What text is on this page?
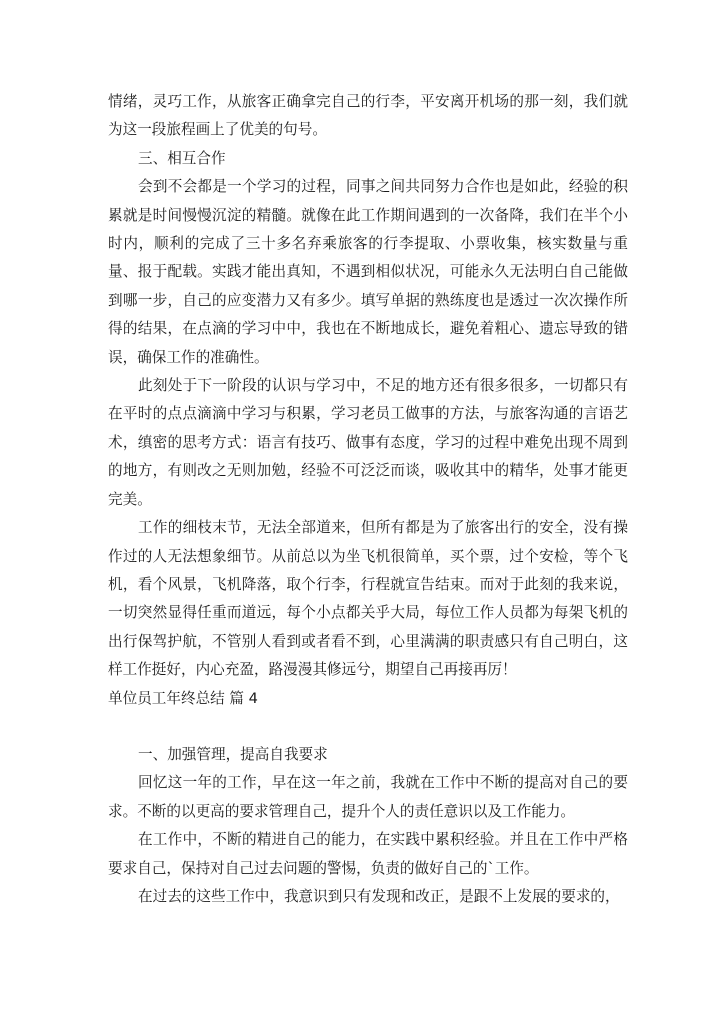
情绪，灵巧工作，从旅客正确拿完自己的行李，平安离开机场的那一刻，我们就为这一段旅程画上了优美的句号。

三、相互合作

会到不会都是一个学习的过程，同事之间共同努力合作也是如此，经验的积累就是时间慢慢沉淀的精髓。就像在此工作期间遇到的一次备降，我们在半个小时内，顺利的完成了三十多名弃乘旅客的行李提取、小票收集，核实数量与重量、报于配载。实践才能出真知，不遇到相似状况，可能永久无法明白自己能做到哪一步，自己的应变潜力又有多少。填写单据的熟练度也是透过一次次操作所得的结果，在点滴的学习中中，我也在不断地成长，避免着粗心、遗忘导致的错误，确保工作的准确性。

此刻处于下一阶段的认识与学习中，不足的地方还有很多很多，一切都只有在平时的点点滴滴中学习与积累，学习老员工做事的方法，与旅客沟通的言语艺术，缜密的思考方式：语言有技巧、做事有态度，学习的过程中难免出现不周到的地方，有则改之无则加勉，经验不可泛泛而谈，吸收其中的精华，处事才能更完美。

工作的细枝末节，无法全部道来，但所有都是为了旅客出行的安全，没有操作过的人无法想象细节。从前总以为坐飞机很简单，买个票，过个安检，等个飞机，看个风景，飞机降落，取个行李，行程就宣告结束。而对于此刻的我来说，一切突然显得任重而道远，每个小点都关乎大局，每位工作人员都为每架飞机的出行保驾护航，不管别人看到或者看不到，心里满满的职责感只有自己明白，这样工作挺好，内心充盈，路漫漫其修远兮，期望自己再接再厉！

单位员工年终总结 篇 4

一、加强管理，提高自我要求

回忆这一年的工作，早在这一年之前，我就在工作中不断的提高对自己的要求。不断的以更高的要求管理自己，提升个人的责任意识以及工作能力。

在工作中，不断的精进自己的能力，在实践中累积经验。并且在工作中严格要求自己，保持对自己过去问题的警惕，负责的做好自己的`工作。

在过去的这些工作中，我意识到只有发现和改正，是跟不上发展的要求的，
